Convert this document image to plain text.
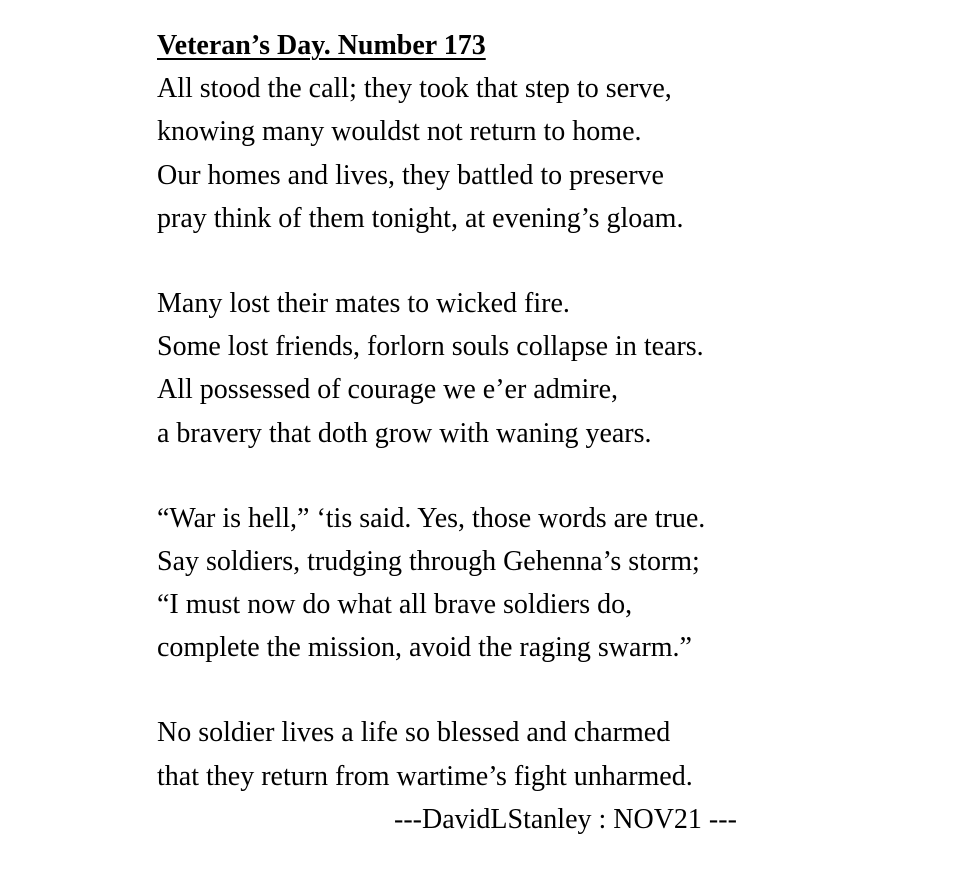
Veteran’s Day. Number 173
All stood the call; they took that step to serve,
knowing many wouldst not return to home.
Our homes and lives, they battled to preserve
pray think of them tonight, at evening’s gloam.
Many lost their mates to wicked fire.
Some lost friends, forlorn souls collapse in tears.
All possessed of courage we e’er admire,
a bravery that doth grow with waning years.
“War is hell,” ‘tis said. Yes, those words are true.
Say soldiers, trudging through Gehenna’s storm;
“I must now do what all brave soldiers do,
complete the mission, avoid the raging swarm.”
No soldier lives a life so blessed and charmed
that they return from wartime’s fight unharmed.
---DavidLStanley : NOV21 ---
